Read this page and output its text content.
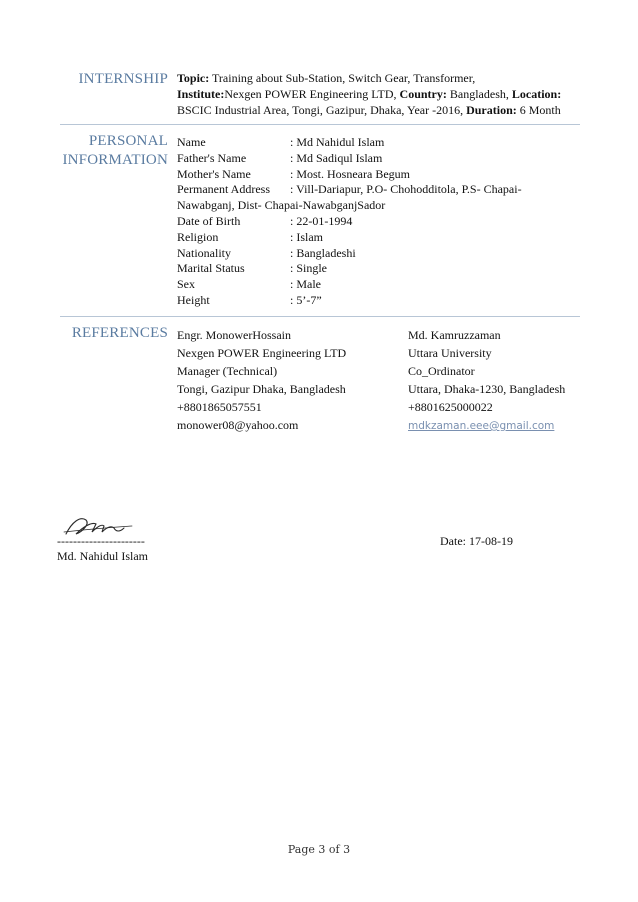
INTERNSHIP Topic: Training about Sub-Station, Switch Gear, Transformer,
Institute:Nexgen POWER Engineering LTD, Country: Bangladesh, Location:
BSCIC Industrial Area, Tongi, Gazipur, Dhaka, Year -2016, Duration: 6 Month
PERSONAL
INFORMATION
Name	: Md Nahidul Islam
Father's Name	: Md Sadiqul Islam
Mother's Name	: Most. Hosneara Begum
Permanent Address : Vill-Dariapur, P.O- Chohodditola, P.S- Chapai-
Nawabganj, Dist- Chapai-NawabganjSador
Date of Birth	: 22-01-1994
Religion	: Islam
Nationality	: Bangladeshi
Marital Status	: Single
Sex	: Male
Height	: 5’-7”
REFERENCES Engr. MonowerHossain
Nexgen POWER Engineering LTD
Manager (Technical)
Tongi, Gazipur Dhaka, Bangladesh
+8801865057551
monower08@yahoo.com
Md. Kamruzzaman
Uttara University
Co_Ordinator
Uttara, Dhaka-1230, Bangladesh
+8801625000022
mdkzaman.eee@gmail.com
----------------------
Md. Nahidul Islam
Date: 17-08-19
Page 3 of 3
